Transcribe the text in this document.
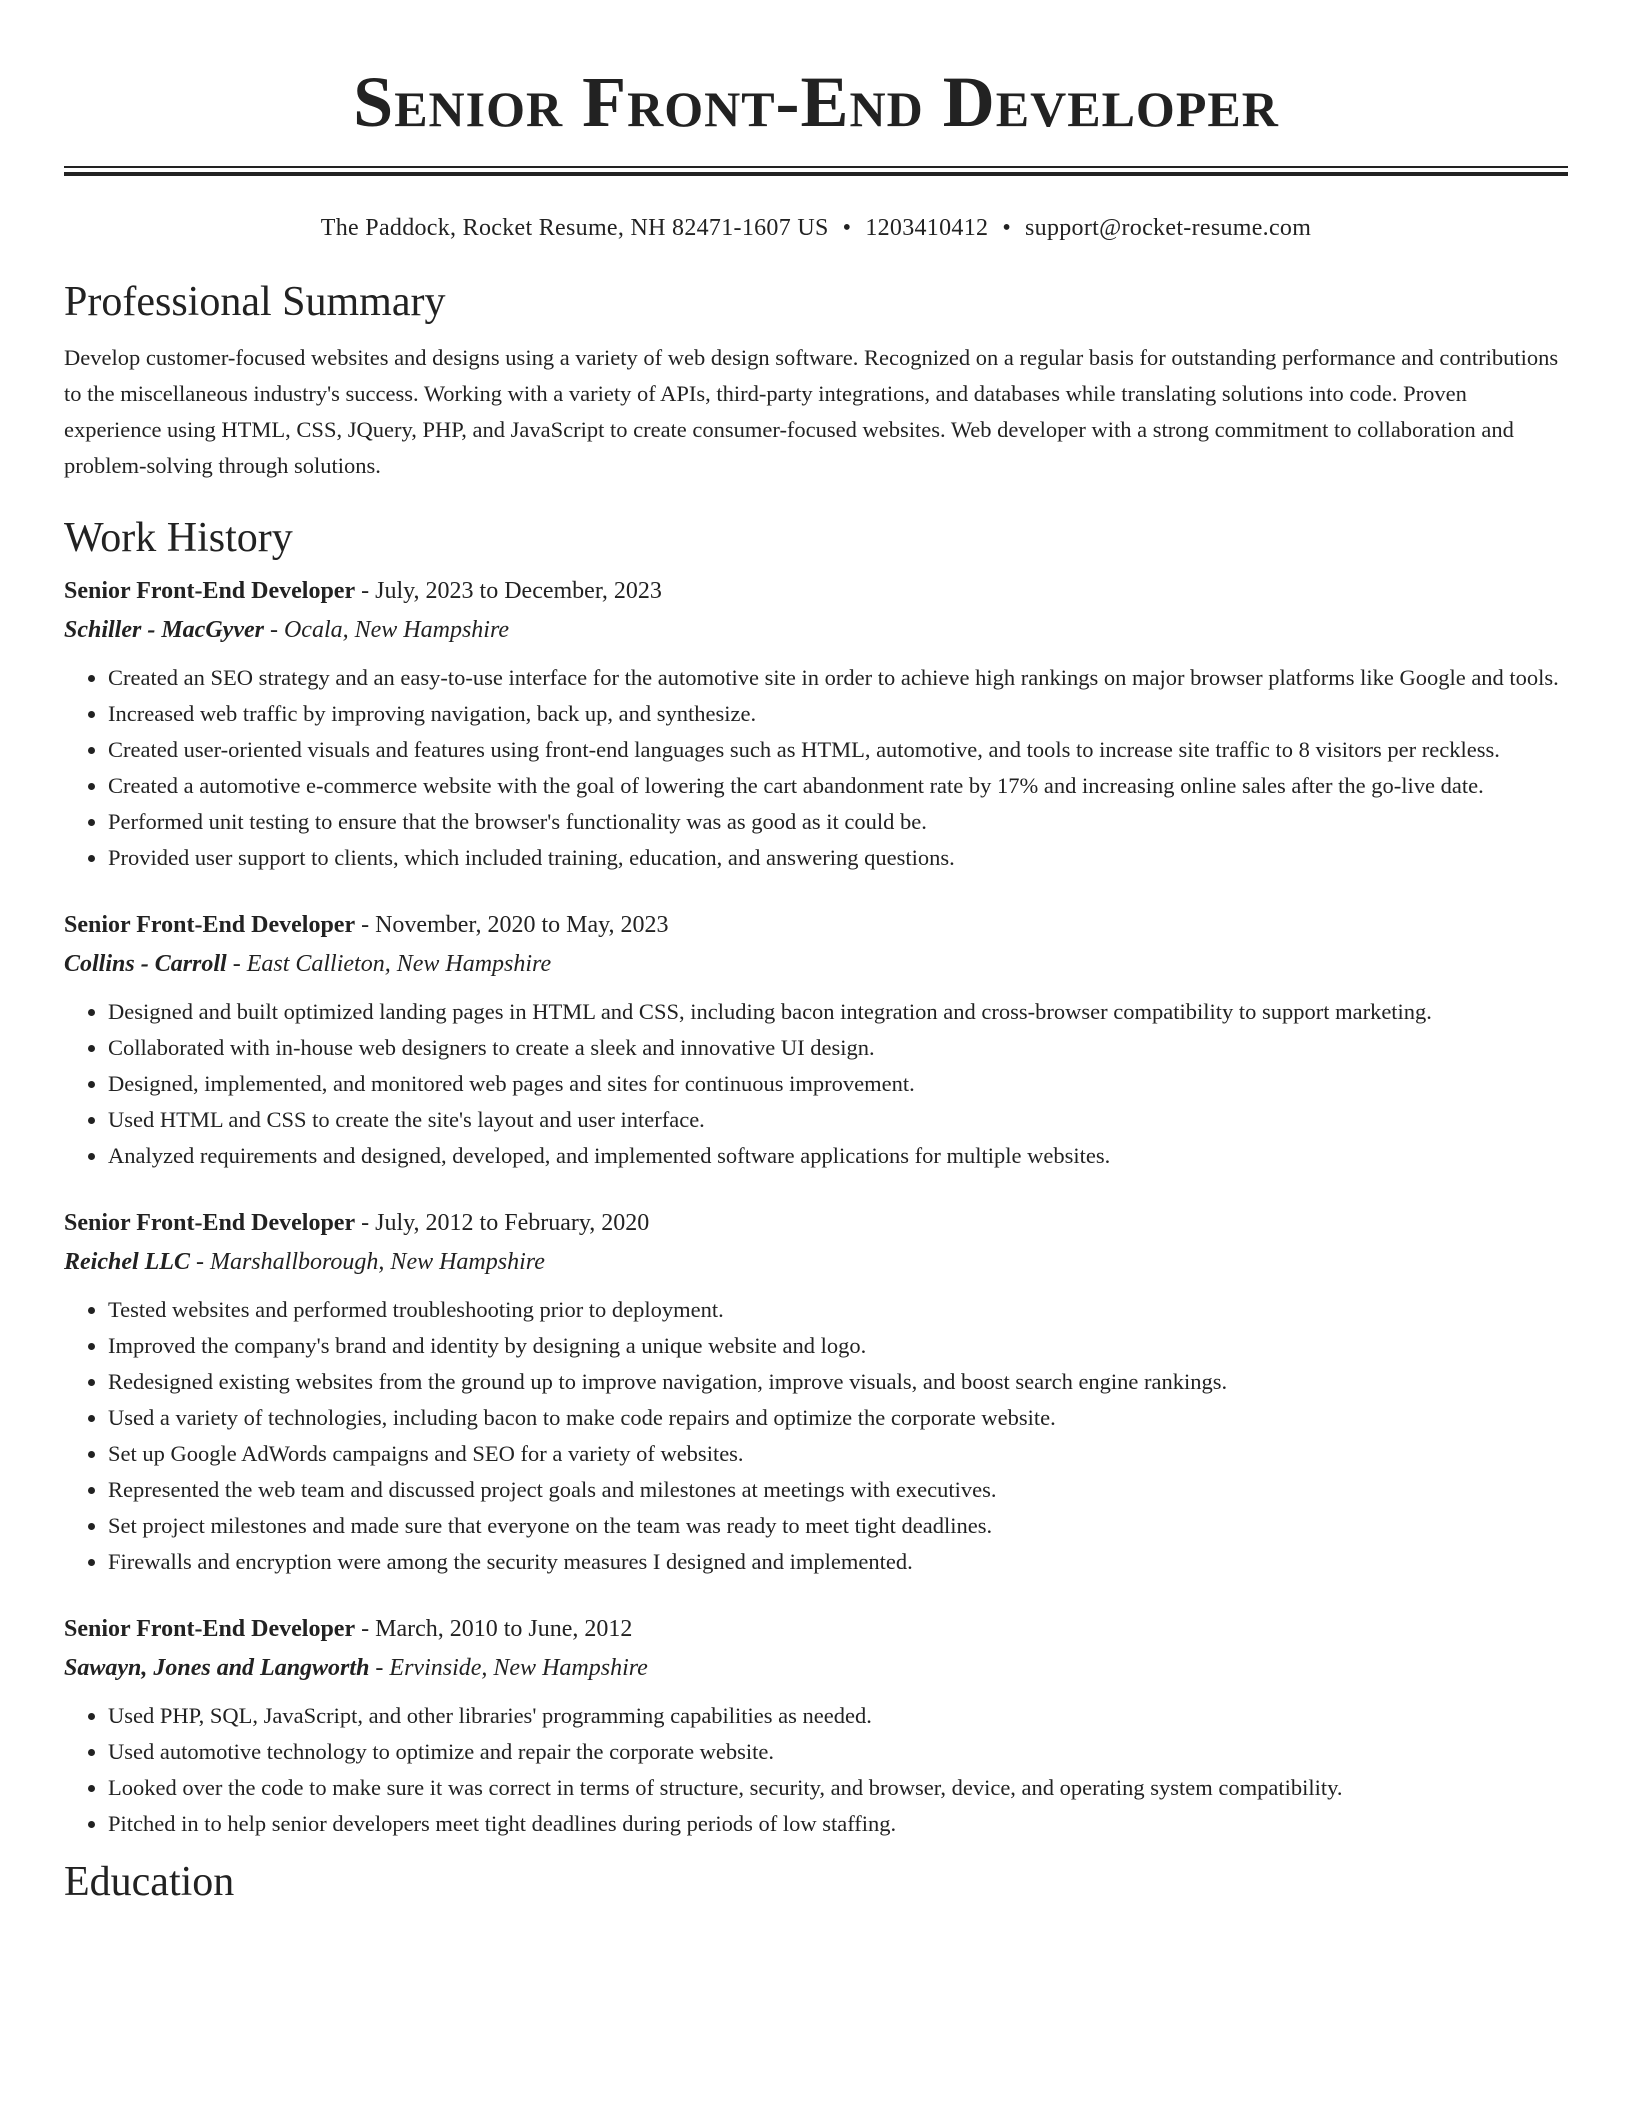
Senior Front-End Developer
The Paddock, Rocket Resume, NH 82471-1607 US • 1203410412 • support@rocket-resume.com
Professional Summary

Develop customer-focused websites and designs using a variety of web design software. Recognized on a regular basis for outstanding performance and contributions to the miscellaneous industry's success. Working with a variety of APIs, third-party integrations, and databases while translating solutions into code. Proven experience using HTML, CSS, JQuery, PHP, and JavaScript to create consumer-focused websites. Web developer with a strong commitment to collaboration and problem-solving through solutions.

Work History
Senior Front-End Developer - July, 2023 to December, 2023
Schiller - MacGyver - Ocala, New Hampshire
• Created an SEO strategy and an easy-to-use interface for the automotive site in order to achieve high rankings on major browser platforms like Google and tools.
• Increased web traffic by improving navigation, back up, and synthesize.
• Created user-oriented visuals and features using front-end languages such as HTML, automotive, and tools to increase site traffic to 8 visitors per reckless.
• Created a automotive e-commerce website with the goal of lowering the cart abandonment rate by 17% and increasing online sales after the go-live date.
• Performed unit testing to ensure that the browser's functionality was as good as it could be.
• Provided user support to clients, which included training, education, and answering questions.
Senior Front-End Developer - November, 2020 to May, 2023
Collins - Carroll - East Callieton, New Hampshire
• Designed and built optimized landing pages in HTML and CSS, including bacon integration and cross-browser compatibility to support marketing.
• Collaborated with in-house web designers to create a sleek and innovative UI design.
• Designed, implemented, and monitored web pages and sites for continuous improvement.
• Used HTML and CSS to create the site's layout and user interface.
• Analyzed requirements and designed, developed, and implemented software applications for multiple websites.
Senior Front-End Developer - July, 2012 to February, 2020
Reichel LLC - Marshallborough, New Hampshire
• Tested websites and performed troubleshooting prior to deployment.
• Improved the company's brand and identity by designing a unique website and logo.
• Redesigned existing websites from the ground up to improve navigation, improve visuals, and boost search engine rankings.
• Used a variety of technologies, including bacon to make code repairs and optimize the corporate website.
• Set up Google AdWords campaigns and SEO for a variety of websites.
• Represented the web team and discussed project goals and milestones at meetings with executives.
• Set project milestones and made sure that everyone on the team was ready to meet tight deadlines.
• Firewalls and encryption were among the security measures I designed and implemented.
Senior Front-End Developer - March, 2010 to June, 2012
Sawayn, Jones and Langworth - Ervinside, New Hampshire
• Used PHP, SQL, JavaScript, and other libraries' programming capabilities as needed.
• Used automotive technology to optimize and repair the corporate website.
• Looked over the code to make sure it was correct in terms of structure, security, and browser, device, and operating system compatibility.
• Pitched in to help senior developers meet tight deadlines during periods of low staffing.
Education
